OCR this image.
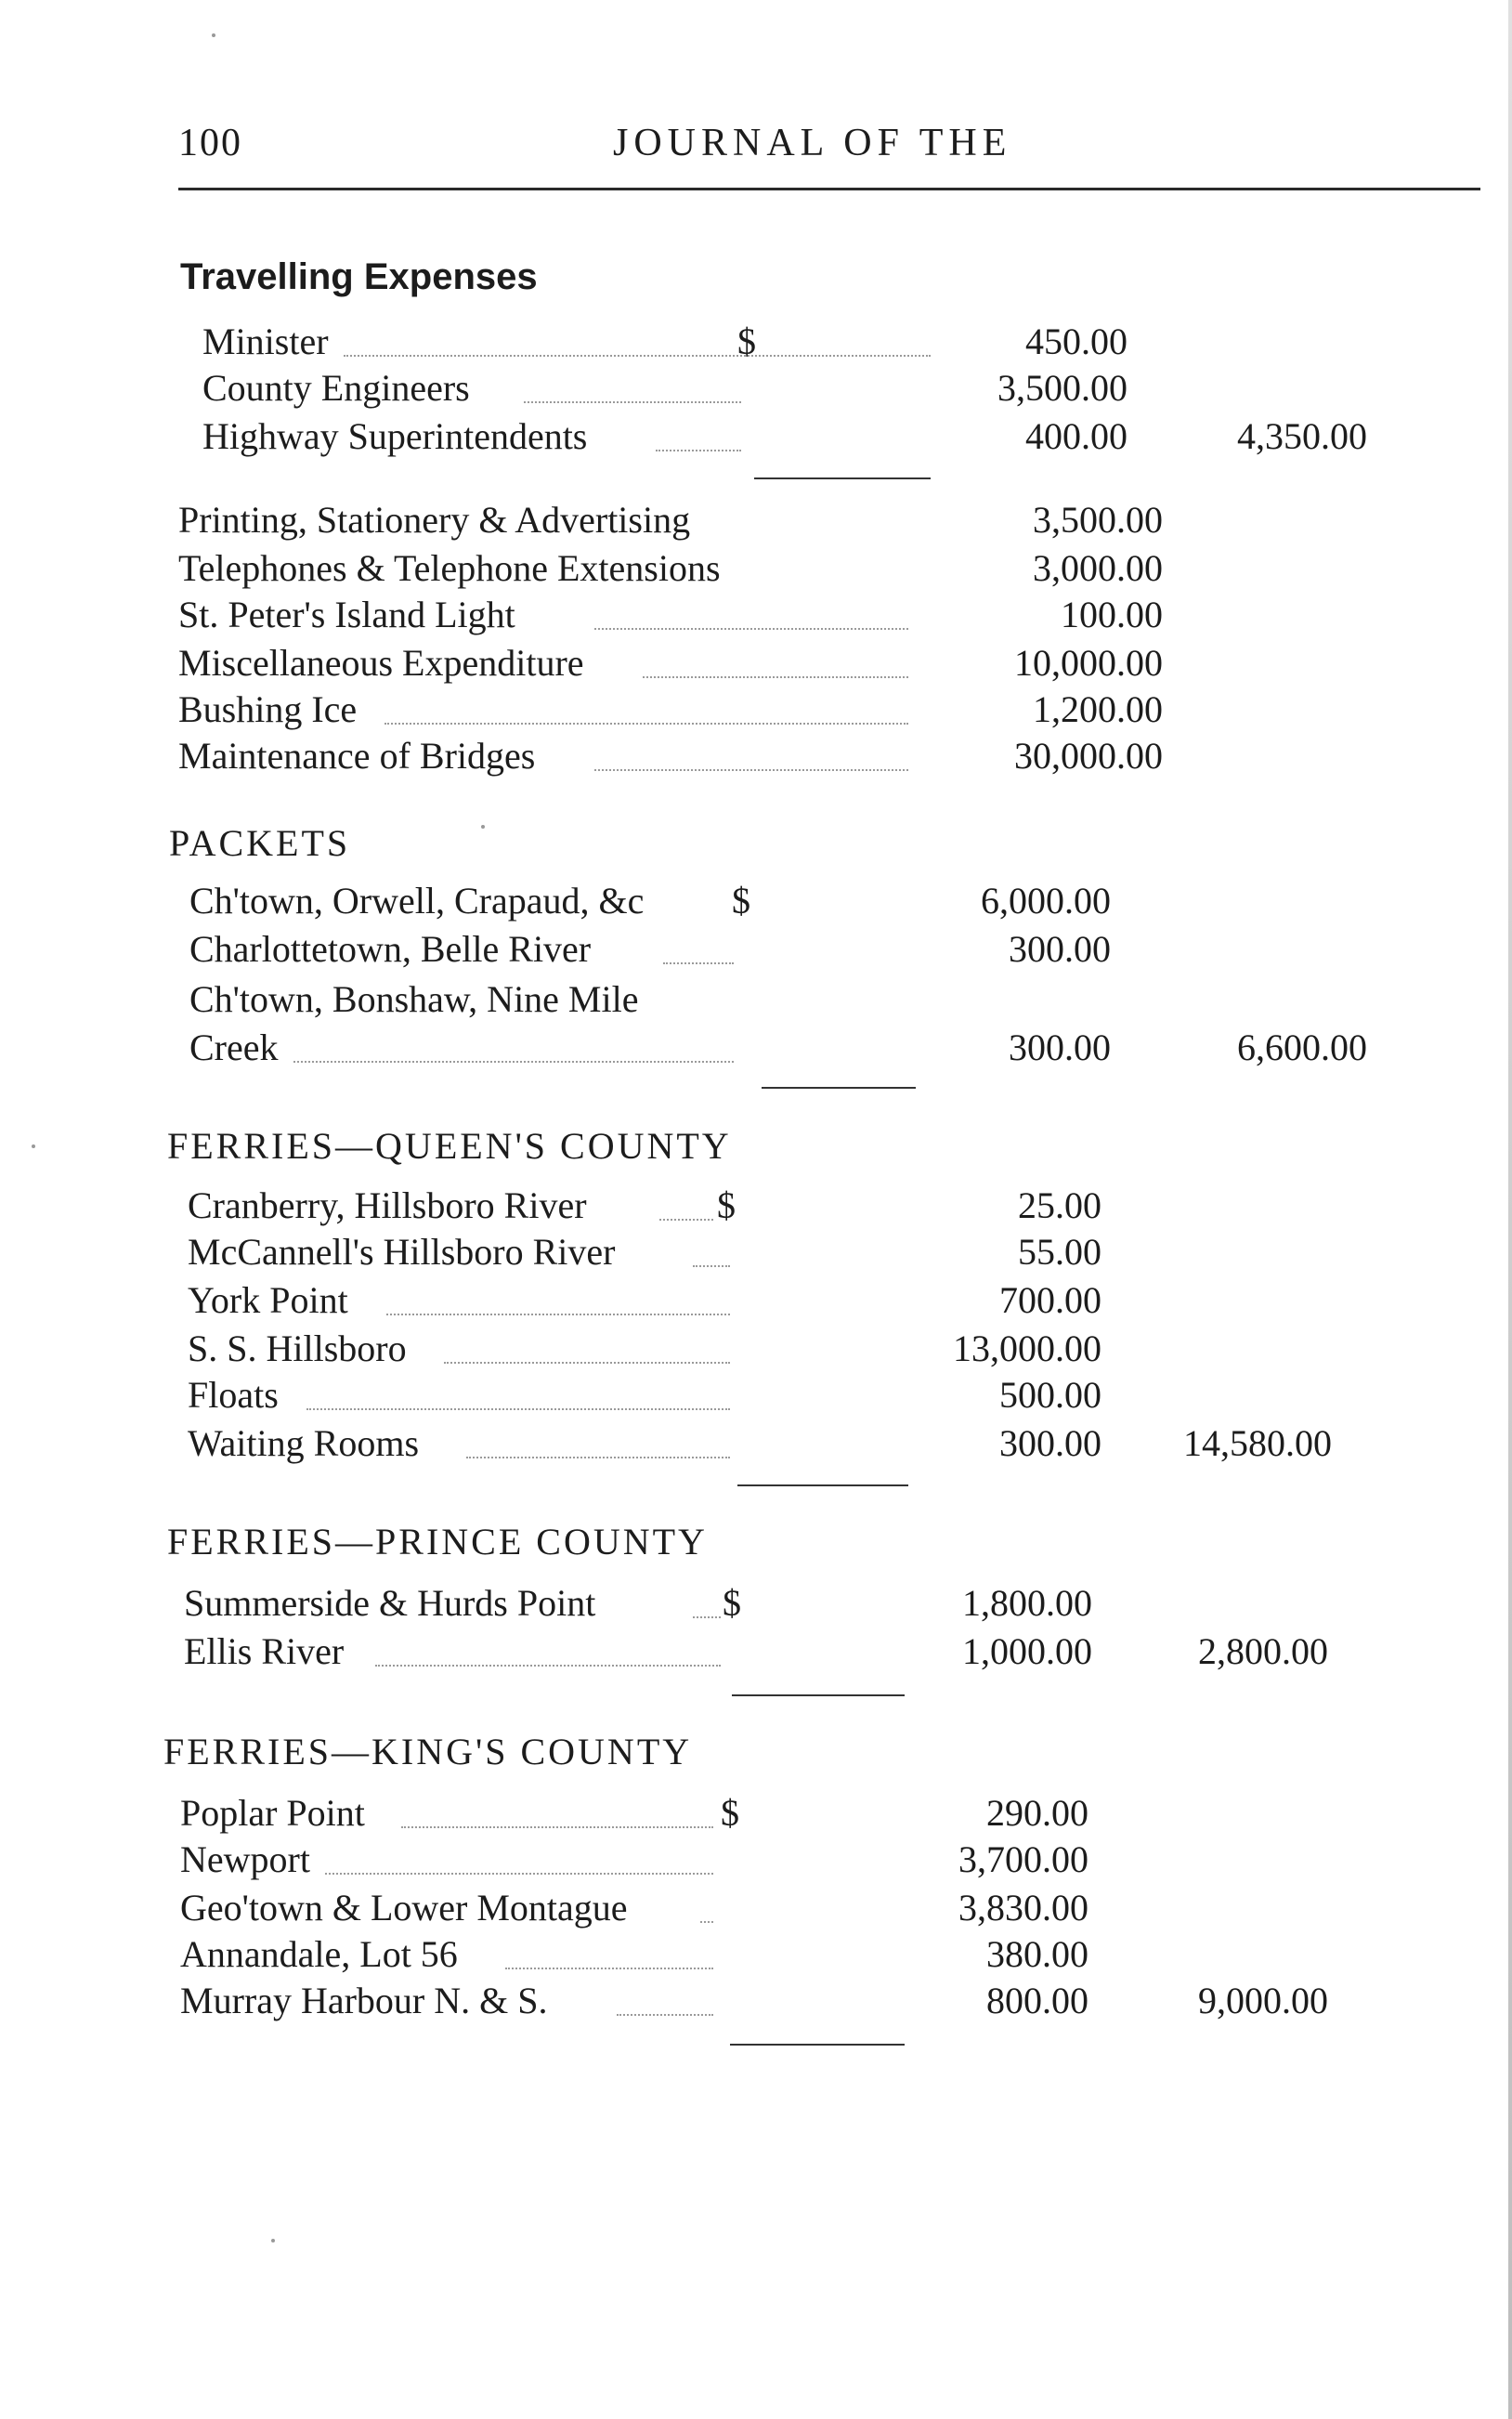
100	JOURNAL OF THE
Travelling Expenses
Minister	$	450.00
County Engineers	3,500.00
Highway Superintendents	400.00	4,350.00
Printing, Stationery & Advertising	3,500.00
Telephones & Telephone Extensions	3,000.00
St. Peter's Island Light	100.00
Miscellaneous Expenditure	10,000.00
Bushing Ice	1,200.00
Maintenance of Bridges	30,000.00
PACKETS
Ch'town, Orwell, Crapaud, &c $	6,000.00
Charlottetown, Belle River	300.00
Ch'town, Bonshaw, Nine Mile
Creek	300.00	6,600.00
FERRIES—QUEEN'S COUNTY
Cranberry, Hillsboro River	$	25.00
McCannell's Hillsboro River	55.00
York Point	700.00
S. S. Hillsboro	13,000.00
Floats	500.00
Waiting Rooms	300.00 14,580.00
FERRIES—PRINCE COUNTY
Summerside & Hurds Point	$	1,800.00
Ellis River	1,000.00	2,800.00
FERRIES—KING'S COUNTY
Poplar Point	$	290.00
Newport	3,700.00
Geo'town & Lower Montague	3,830.00
Annandale, Lot 56	380.00
Murray Harbour N. & S.	800.00	9,000.00
